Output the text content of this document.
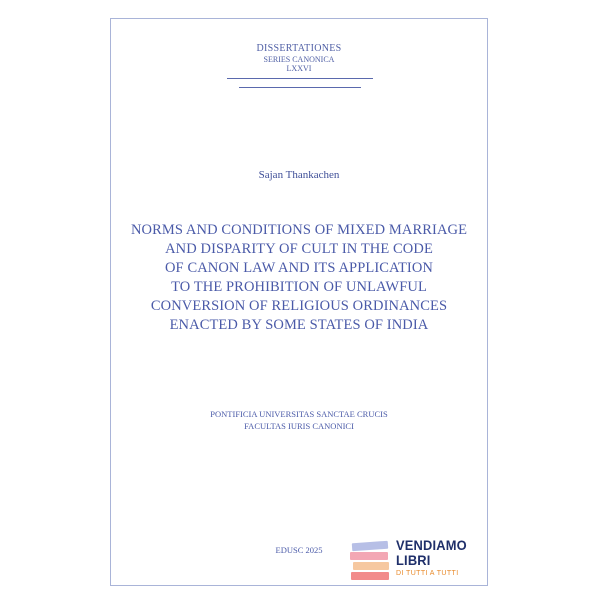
DISSERTATIONES
SERIES CANONICA
LXXVI
Sajan Thankachen
NORMS AND CONDITIONS OF MIXED MARRIAGE
AND DISPARITY OF CULT IN THE CODE
OF CANON LAW AND ITS APPLICATION
TO THE PROHIBITION OF UNLAWFUL
CONVERSION OF RELIGIOUS ORDINANCES
ENACTED BY SOME STATES OF INDIA
PONTIFICIA UNIVERSITAS SANCTAE CRUCIS
FACULTAS IURIS CANONICI
EDUSC 2025	VENDIAMO
LIBRI
DI TUTTI A TUTTI
